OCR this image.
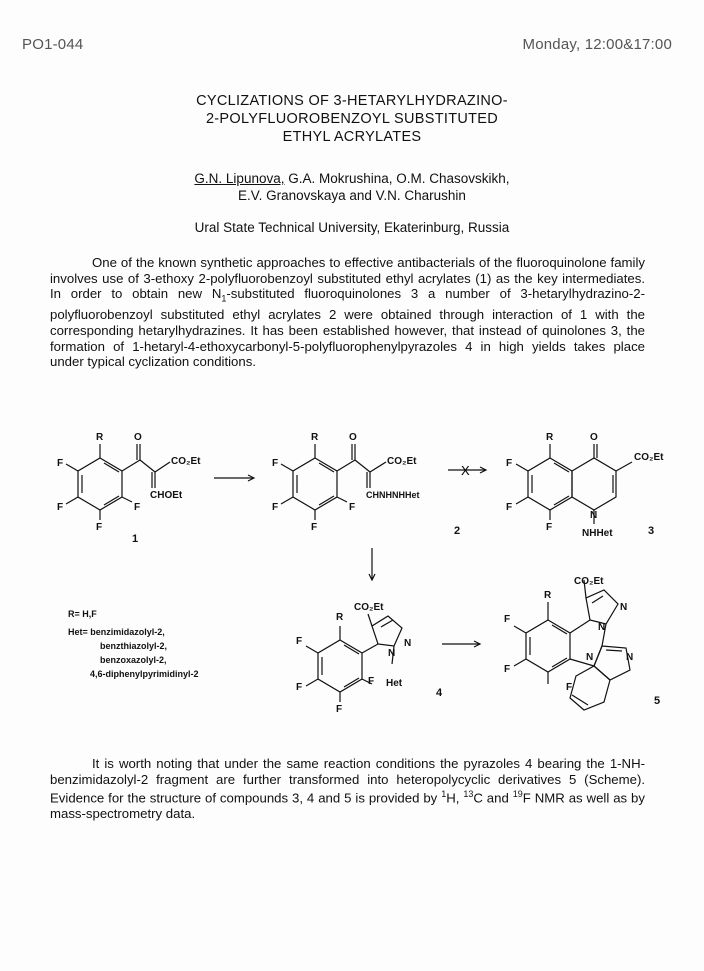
PO1-044	Monday, 12:00&17:00
CYCLIZATIONS OF 3-HETARYLHYDRAZINO-
2-POLYFLUOROBENZOYL SUBSTITUTED
ETHYL ACRYLATES
G.N. Lipunova, G.A. Mokrushina, O.M. Chasovskikh,
E.V. Granovskaya and V.N. Charushin
Ural State Technical University, Ekaterinburg, Russia
One of the known synthetic approaches to effective antibacterials of the fluoroquinolone family involves use of 3-ethoxy 2-polyfluorobenzoyl substituted ethyl acrylates (1) as the key intermediates. In order to obtain new $N_1$-substituted fluoroquinolones 3 a number of 3-hetarylhydrazino-2-polyfluorobenzoyl substituted ethyl acrylates 2 were obtained through interaction of 1 with the corresponding hetarylhydrazines. It has been established however, that instead of quinolones 3, the formation of 1-hetaryl-4-ethoxycarbonyl-5-polyfluorophenylpyrazoles 4 in high yields takes place under typical cyclization conditions.
X
R	O
CO₂Et
CHOEt
F
F
F
F
1
R	O
CO₂Et
CHNHNHHet
F
F
F
F
2
R	O
CO₂Et
F
F
F
N
NHHet	3
R
CO₂Et
N
N
F
F
F
F Het
4
R
CO₂Et
N
N
N
N
F
F
F
5
R= H,F
Het= benzimidazolyl-2,
benzthiazolyl-2,
benzoxazolyl-2,
4,6-diphenylpyrimidinyl-2
It is worth noting that under the same reaction conditions the pyrazoles 4 bearing the 1-NH-benzimidazolyl-2 fragment are further transformed into heteropolycyclic derivatives 5 (Scheme). Evidence for the structure of compounds 3, 4 and 5 is provided by $^1$H, $^{13}$C and $^{19}$F NMR as well as by mass-spectrometry data.
